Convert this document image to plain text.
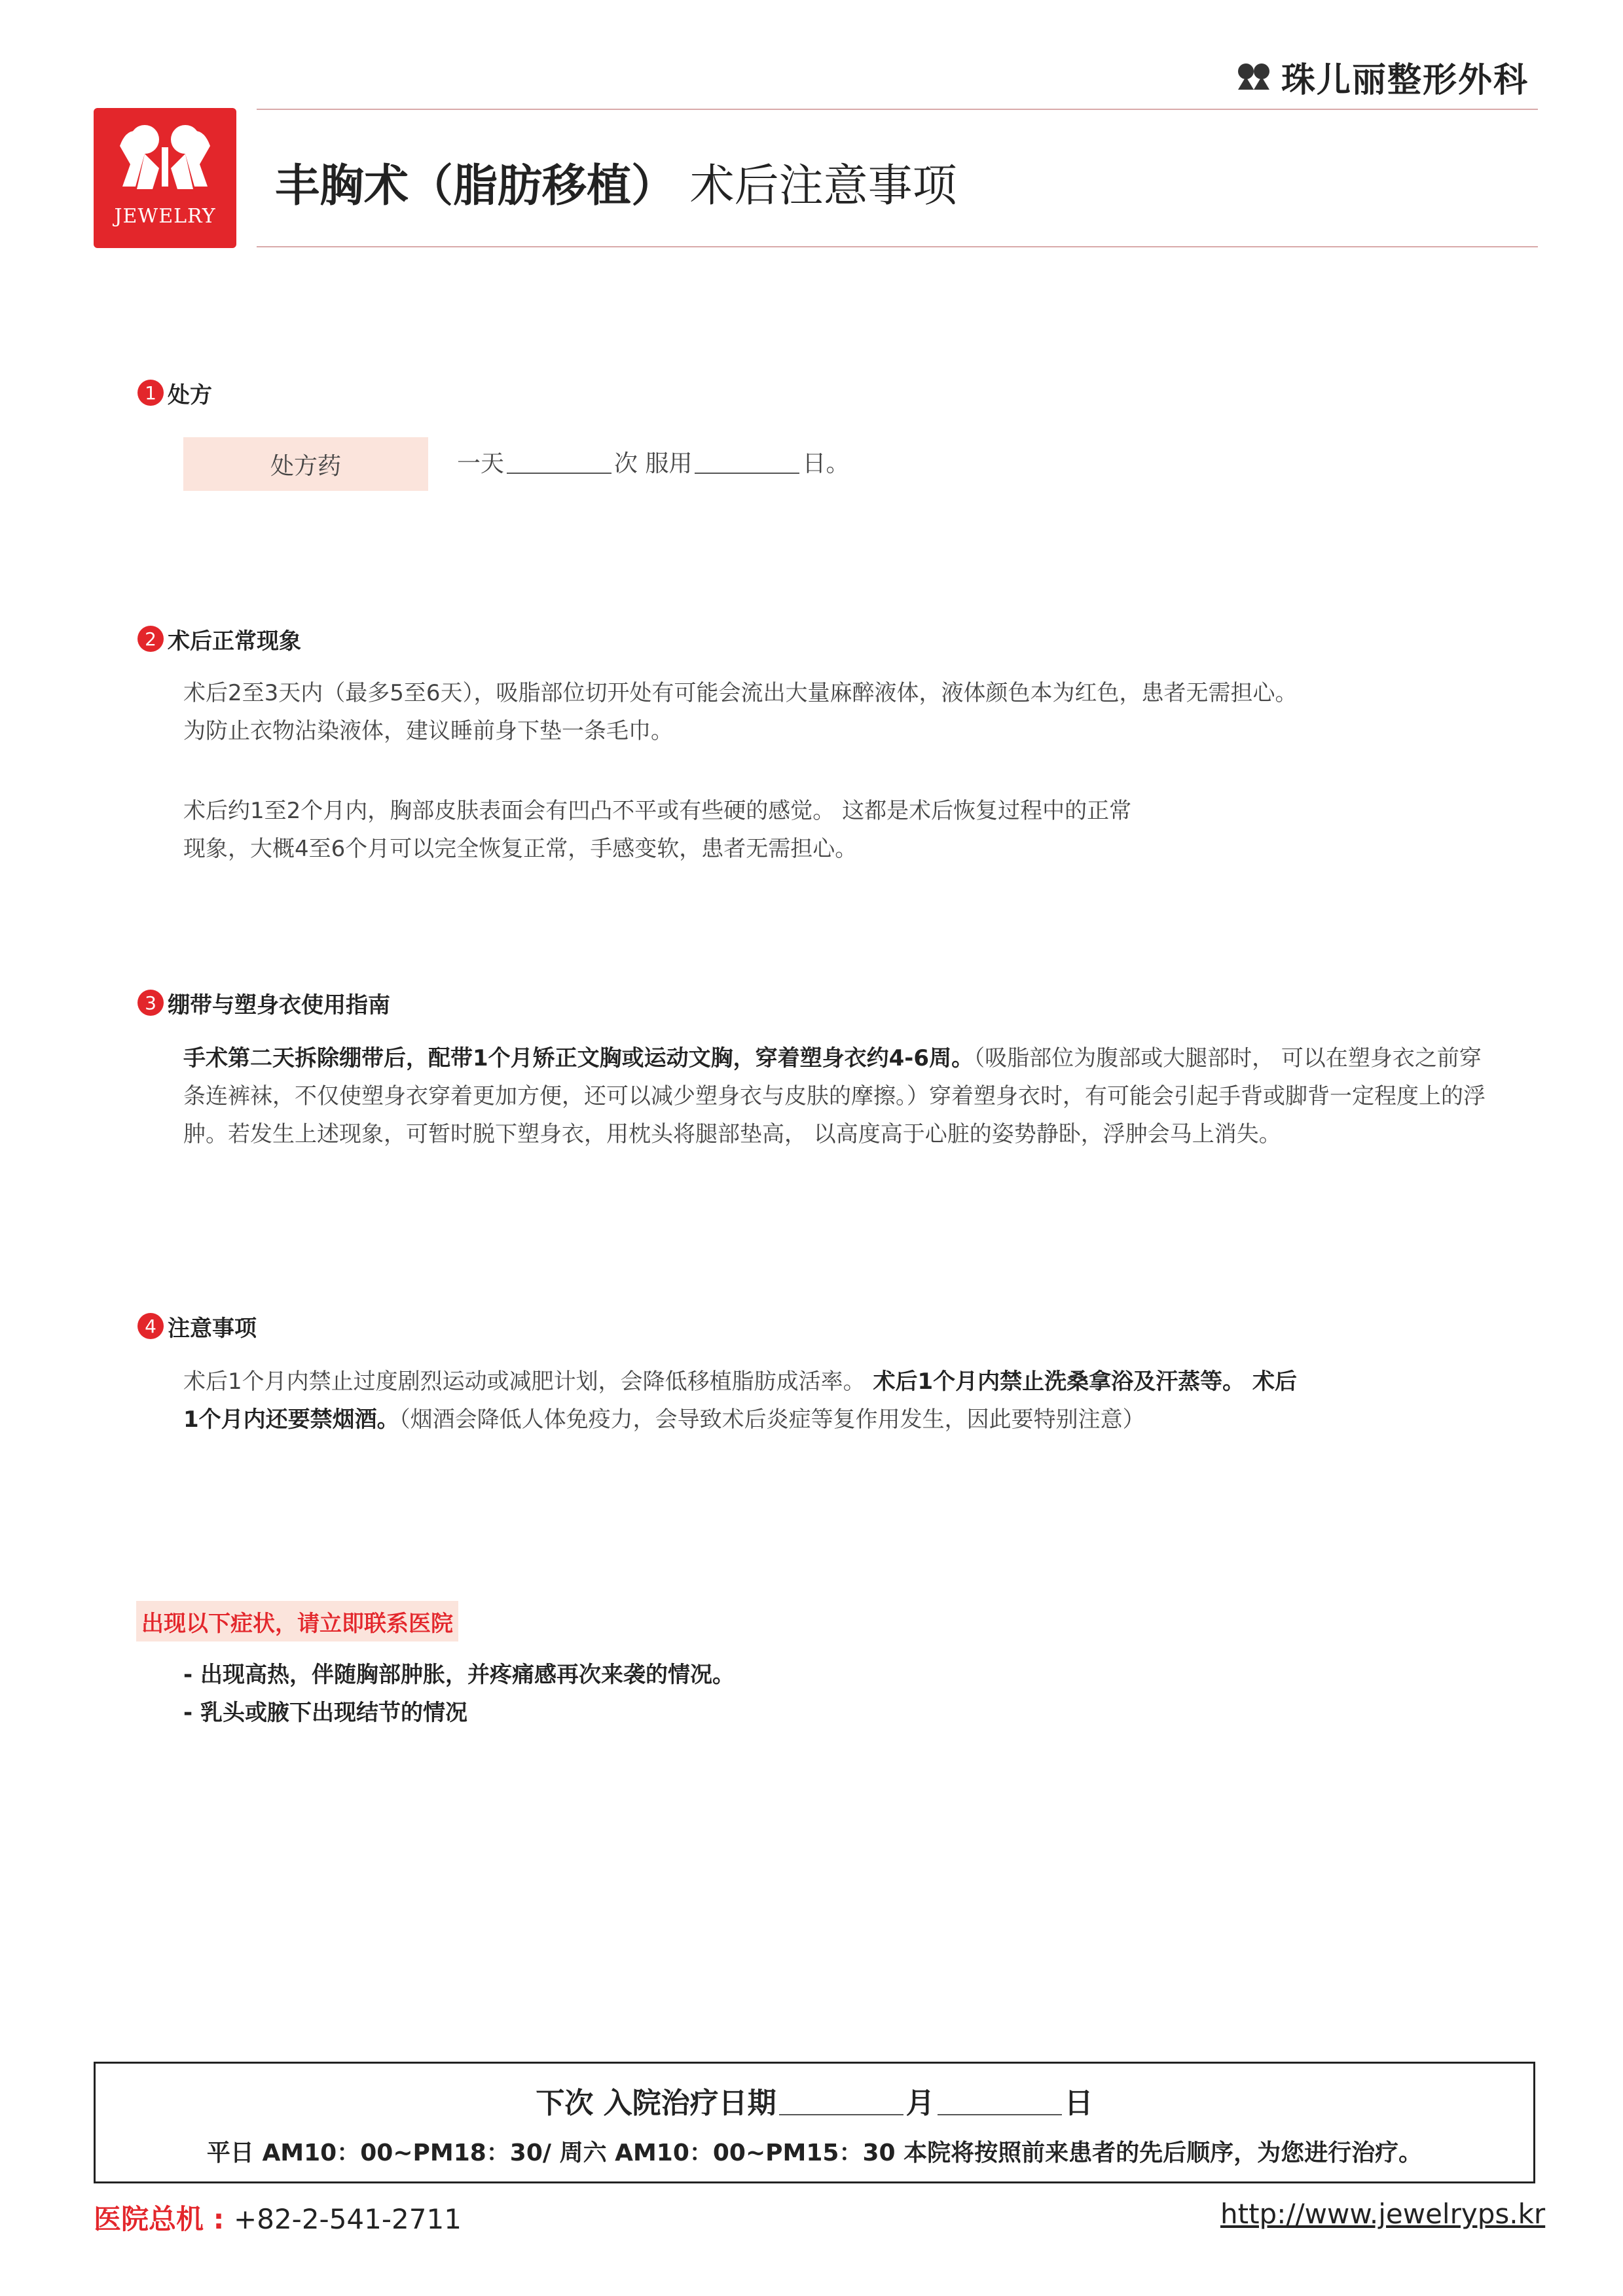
珠儿丽整形外科
JEWELRY
丰胸术（脂肪移植） 术后注意事项
1 处方
处方药	一天	次 服用	日。
2 术后正常现象
术后2至3天内（最多5至6天），吸脂部位切开处有可能会流出大量麻醉液体，液体颜色本为红色，患者无需担心。
为防止衣物沾染液体，建议睡前身下垫一条毛巾。
术后约1至2个月内，胸部皮肤表面会有凹凸不平或有些硬的感觉。 这都是术后恢复过程中的正常
现象，大概4至6个月可以完全恢复正常，手感变软，患者无需担心。
3 绷带与塑身衣使用指南
手术第二天拆除绷带后，配带1个月矫正文胸或运动文胸，穿着塑身衣约4-6周。（吸脂部位为腹部或大腿部时， 可以在塑身衣之前穿条连裤袜，不仅使塑身衣穿着更加方便，还可以减少塑身衣与皮肤的摩擦。）穿着塑身衣时，有可能会引起手背或脚背一定程度上的浮肿。若发生上述现象，可暂时脱下塑身衣，用枕头将腿部垫高， 以高度高于心脏的姿势静卧，浮肿会马上消失。
4 注意事项
术后1个月内禁止过度剧烈运动或减肥计划，会降低移植脂肪成活率。 术后1个月内禁止洗桑拿浴及汗蒸等。 术后1个月内还要禁烟酒。（烟酒会降低人体免疫力，会导致术后炎症等复作用发生，因此要特别注意）
出现以下症状，请立即联系医院
- 出现高热，伴随胸部肿胀，并疼痛感再次来袭的情况。
- 乳头或腋下出现结节的情况
下次 入院治疗日期	月	日
平日 AM10：00~PM18：30/ 周六 AM10：00~PM15：30 本院将按照前来患者的先后顺序，为您进行治疗。
医院总机 : +82-2-541-2711	http://www.jewelryps.kr
